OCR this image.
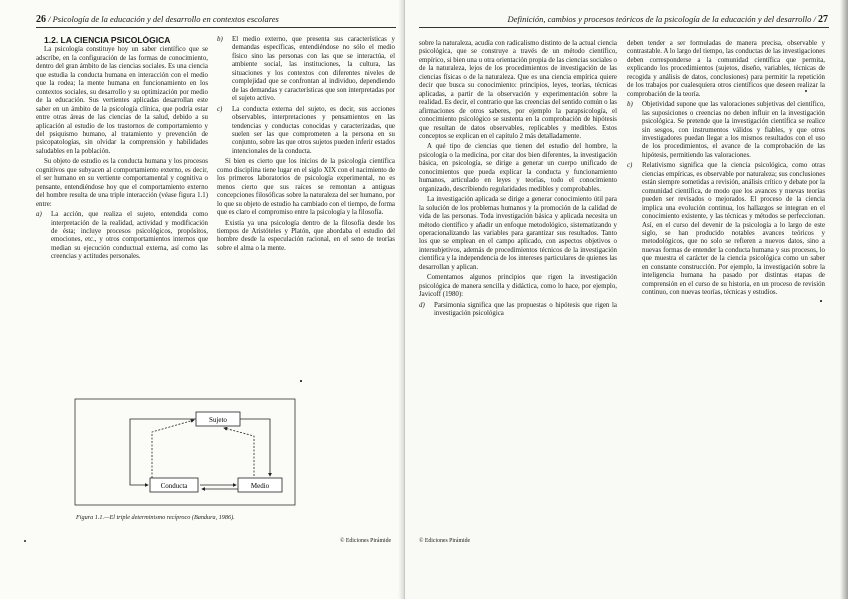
26 / Psicología de la educación y del desarrollo en contextos escolares

1.2. LA CIENCIA PSICOLÓGICA

La psicología constituye hoy un saber científico que se adscribe, en la configuración de las formas de conocimiento, dentro del gran ámbito de las ciencias sociales. Es una ciencia que estudia la conducta humana en interacción con el medio que la rodea; la mente humana en funcionamiento en los contextos sociales, su desarrollo y su optimización por medio de la educación. Sus vertientes aplicadas desarrollan este saber en un ámbito de la psicología clínica, que podría estar entre otras áreas de las ciencias de la salud, debido a su aplicación al estudio de los trastornos de comportamiento y del psiquismo humano, al tratamiento y prevención de psicopatologías, sin olvidar la comprensión y habilidades saludables en la población.

Su objeto de estudio es la conducta humana y los procesos cognitivos que subyacen al comportamiento externo, es decir, el ser humano en su vertiente comportamental y cognitiva o pensante, entendiéndose hoy que el comportamiento externo del hombre resulta de una triple interacción (véase figura 1.1) entre:

a)	La acción, que realiza el sujeto, entendida como interpretación de la realidad, actividad y modificación de ésta; incluye procesos psicológicos, propósitos, emociones, etc., y otros comportamientos internos que median su ejecución conductual externa, así como las creencias y actitudes personales.
b)	El medio externo, que presenta sus características y demandas específicas, entendiéndose no sólo el medio físico sino las personas con las que se interactúa, el ambiente social, las instituciones, la cultura, las situaciones y los contextos con diferentes niveles de complejidad que se confrontan al individuo, dependiendo de las demandas y características que son interpretadas por el sujeto activo.
c)	La conducta externa del sujeto, es decir, sus acciones observables, interpretaciones y pensamientos en las tendencias y conductas conocidas y caracterizadas, que suelen ser las que comprometen a la persona en su conjunto, sobre las que otros sujetos pueden inferir estados intencionales de la conducta.

Si bien es cierto que los inicios de la psicología científica como disciplina tiene lugar en el siglo XIX con el nacimiento de los primeros laboratorios de psicología experimental, no es menos cierto que sus raíces se remontan a antiguas concepciones filosóficas sobre la naturaleza del ser humano, por lo que su objeto de estudio ha cambiado con el tiempo, de forma que es claro el compromiso entre la psicología y la filosofía.

Existía ya una psicología dentro de la filosofía desde los tiempos de Aristóteles y Platón, que abordaba el estudio del hombre desde la especulación racional, en el seno de teorías sobre el alma o la mente.

Sujeto
Conducta	Medio
Figura 1.1.—El triple determinismo recíproco (Bandura, 1986).
© Ediciones Pirámide
Definición, cambios y procesos teóricos de la psicología de la educación y del desarrollo / 27

sobre la naturaleza, acudía con radicalismo distinto de la actual ciencia psicológica, que se construye a través de un método científico, empírico, si bien una u otra orientación propia de las ciencias sociales o de la naturaleza, lejos de los procedimientos de investigación de las ciencias físicas o de la naturaleza. Que es una ciencia empírica quiere decir que busca su conocimiento: principios, leyes, teorías, técnicas aplicadas, a partir de la observación y experimentación sobre la realidad. Es decir, el contrario que las creencias del sentido común o las afirmaciones de otros saberes, por ejemplo la parapsicología, el conocimiento psicológico se sustenta en la comprobación de hipótesis que resultan de datos observables, replicables y medibles. Estos conceptos se explican en el capítulo 2 más detalladamente.

A qué tipo de ciencias que tienen del estudio del hombre, la psicología o la medicina, por citar dos bien diferentes, la investigación básica, en psicología, se dirige a generar un cuerpo unificado de conocimientos que pueda explicar la conducta y funcionamiento humanos, articulado en leyes y teorías, todo el conocimiento organizado, describiendo regularidades medibles y comprobables.

La investigación aplicada se dirige a generar conocimiento útil para la solución de los problemas humanos y la promoción de la calidad de vida de las personas. Toda investigación básica y aplicada necesita un método científico y añadir un enfoque metodológico, sistematizando y operacionalizando las variables para garantizar sus resultados. Tanto los que se emplean en el campo aplicado, con aspectos objetivos o intersubjetivos, además de procedimientos técnicos de la investigación científica y la independencia de los intereses particulares de quienes las desarrollan y aplican.

Comentamos algunos principios que rigen la investigación psicológica de manera sencilla y didáctica, como lo hace, por ejemplo, Javicoff (1980):

d)	Parsimonia significa que las propuestas o hipótesis que rigen la investigación psicológica
© Ediciones Pirámide

deben tender a ser formuladas de manera precisa, observable y contrastable. A lo largo del tiempo, las conductas de las investigaciones deben corresponderse a la comunidad científica que permita, explicando los procedimientos (sujetos, diseño, variables, técnicas de recogida y análisis de datos, conclusiones) para permitir la repetición de los trabajos por cualesquiera otros científicos que deseen realizar la comprobación de la teoría.

b)	Objetividad supone que las valoraciones subjetivas del científico, las suposiciones o creencias no deben influir en la investigación psicológica. Se pretende que la investigación científica se realice sin sesgos, con instrumentos válidos y fiables, y que otros investigadores puedan llegar a los mismos resultados con el uso de los procedimientos, el avance de la comprobación de las hipótesis, permitiendo las valoraciones.
c)	Relativismo significa que la ciencia psicológica, como otras ciencias empíricas, es observable por naturaleza; sus conclusiones están siempre sometidas a revisión, análisis crítico y debate por la comunidad científica, de modo que los avances y nuevas teorías pueden ser revisados o mejorados. El proceso de la ciencia implica una evolución continua, los hallazgos se integran en el conocimiento existente, y las técnicas y métodos se perfeccionan. Así, en el curso del devenir de la psicología a lo largo de este siglo, se han producido notables avances teóricos y metodológicos, que no solo se refieren a nuevos datos, sino a nuevas formas de entender la conducta humana y sus procesos, lo que muestra el carácter de la ciencia psicológica como un saber en constante construcción. Por ejemplo, la investigación sobre la inteligencia humana ha pasado por distintas etapas de comprensión en el curso de su historia, en un proceso de revisión continuo, con nuevas teorías, técnicas y estudios.
